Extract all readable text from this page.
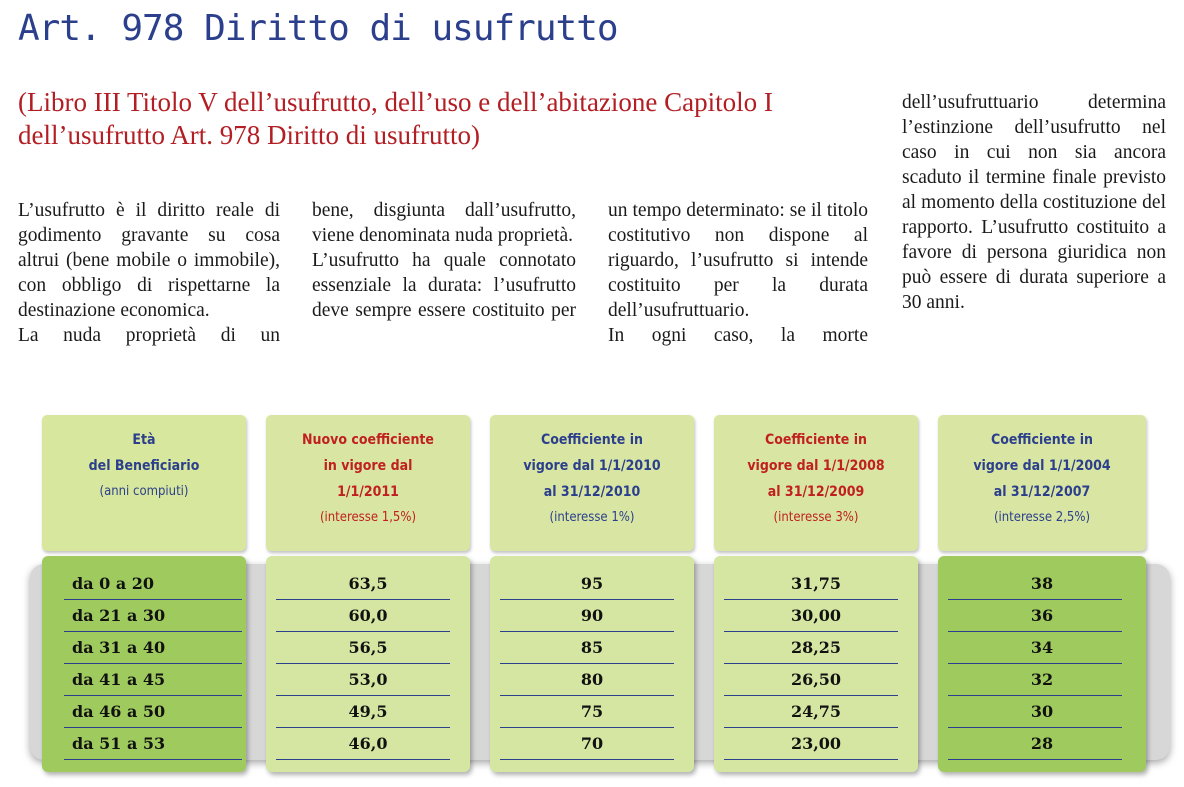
Art. 978 Diritto di usufrutto
(Libro III Titolo V dell’usufrutto, dell’uso e dell’abitazione Capitolo I dell’usufrutto Art. 978 Diritto di usufrutto)

L’usufrutto è il diritto reale di godimento gravante su cosa altrui (bene mobile o immobile), con obbligo di rispettarne la destinazione economica.

La nuda proprietà di un

bene, disgiunta dall’usufrutto, viene denominata nuda proprietà.

L’usufrutto ha quale connotato essenziale la durata: l’usufrutto deve sempre essere costituito per

un tempo determinato: se il titolo costitutivo non dispone al riguardo, l’usufrutto si intende costituito per la durata dell’usufruttuario.

In ogni caso, la morte

dell’usufruttuario determina l’estinzione dell’usufrutto nel caso in cui non sia ancora scaduto il termine finale previsto al momento della costituzione del rapporto. L’usufrutto costituito a favore di persona giuridica non può essere di durata superiore a 30 anni.

Età
del Beneficiario
(anni compiuti)
Nuovo coefficiente
in vigore dal
1/1/2011
(interesse 1,5%)
Coefficiente in
vigore dal 1/1/2010
al 31/12/2010
(interesse 1%)
Coefficiente in
vigore dal 1/1/2008
al 31/12/2009
(interesse 3%)
Coefficiente in
vigore dal 1/1/2004
al 31/12/2007
(interesse 2,5%)
da 0 a 20
da 21 a 30
da 31 a 40
da 41 a 45
da 46 a 50
da 51 a 53
63,5
60,0
56,5
53,0
49,5
46,0
95
90
85
80
75
70
31,75
30,00
28,25
26,50
24,75
23,00
38
36
34
32
30
28
